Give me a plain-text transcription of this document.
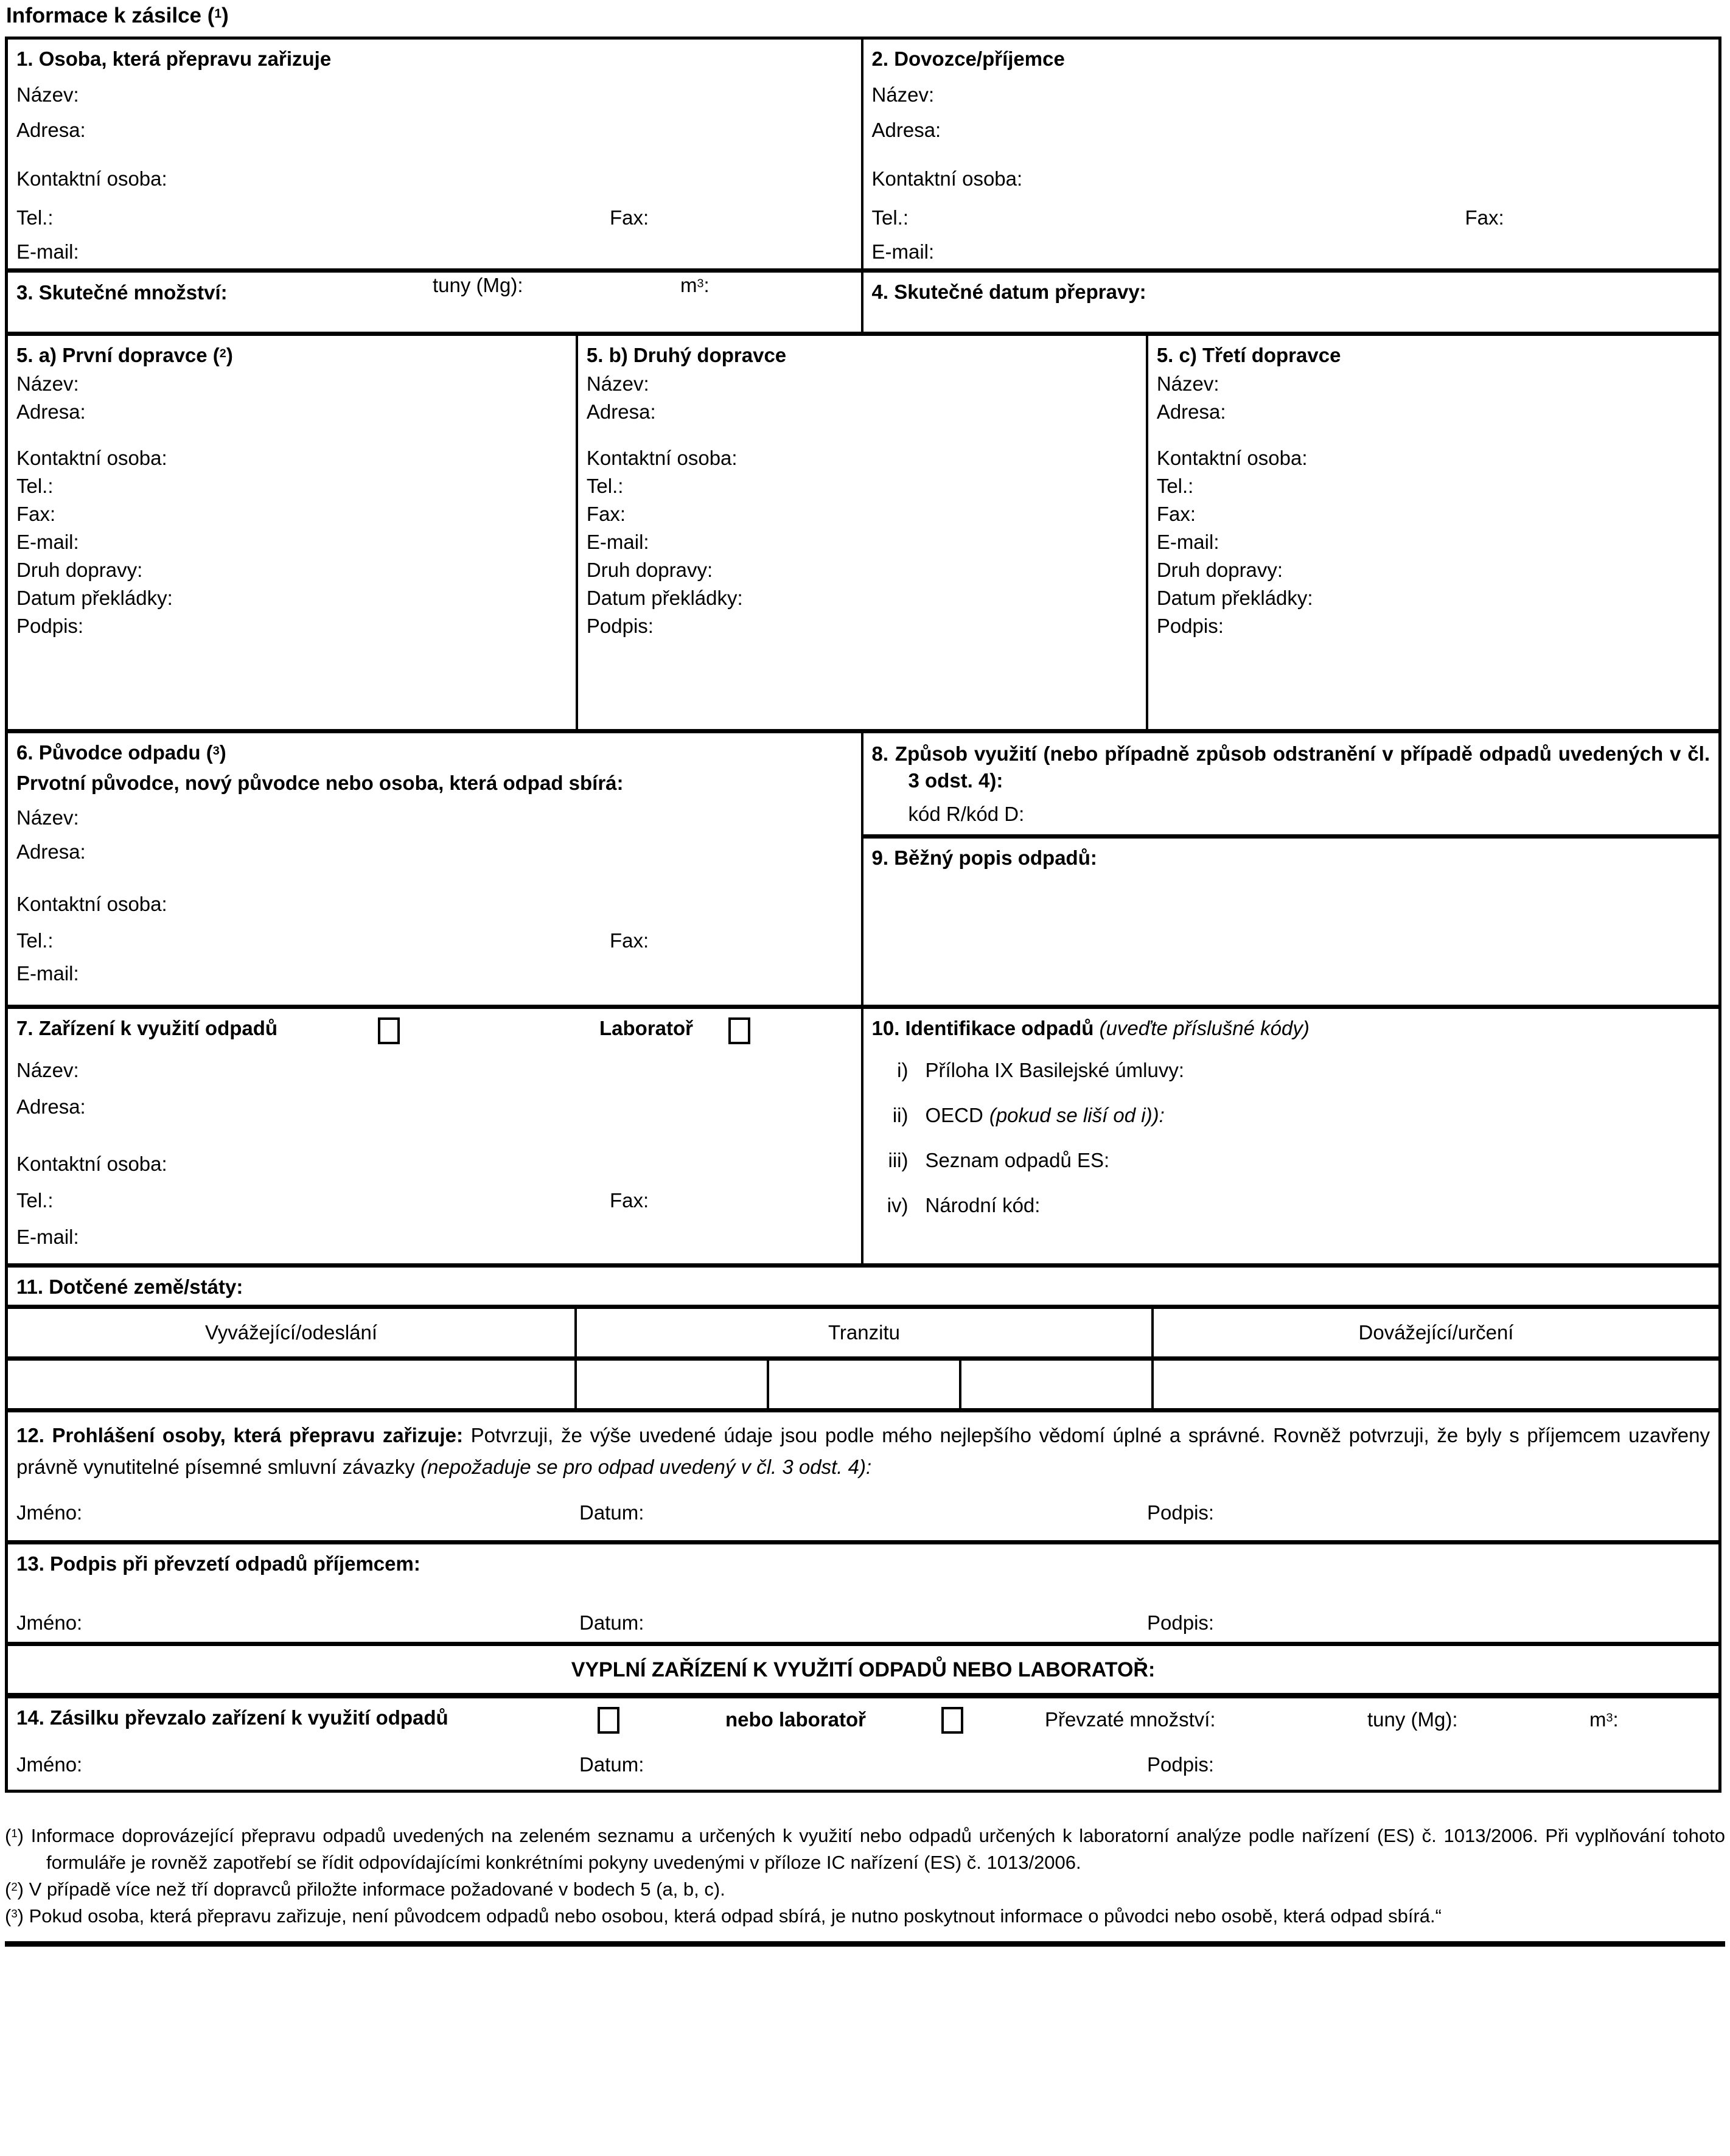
Informace k zásilce ($^1$)
1. Osoba, která přepravu zařizuje
Název:
Adresa:
Kontaktní osoba:
Tel.:	Fax:
E-mail:
2. Dovozce/příjemce
Název:
Adresa:
Kontaktní osoba:
Tel.:	Fax:
E-mail:
3. Skutečné množství:	tuny (Mg):	$m^3$:	4. Skutečné datum přepravy:
5. a) První dopravce ($^2$)
Název:
Adresa:
Kontaktní osoba:
Tel.:
Fax:
E-mail:
Druh dopravy:
Datum překládky:
Podpis:
5. b) Druhý dopravce
Název:
Adresa:
Kontaktní osoba:
Tel.:
Fax:
E-mail:
Druh dopravy:
Datum překládky:
Podpis:
5. c) Třetí dopravce
Název:
Adresa:
Kontaktní osoba:
Tel.:
Fax:
E-mail:
Druh dopravy:
Datum překládky:
Podpis:
6. Původce odpadu ($^3$)
Prvotní původce, nový původce nebo osoba, která odpad sbírá:
Název:
Adresa:
Kontaktní osoba:
Tel.:	Fax:
E-mail:
8. Způsob využití (nebo případně způsob odstranění v případě odpadů uvedených v čl. 3 odst. 4):
kód R/kód D:
9. Běžný popis odpadů:
7. Zařízení k využití odpadů	Laboratoř
Název:
Adresa:
Kontaktní osoba:
Tel.:	Fax:
E-mail:
10. Identifikace odpadů (uveďte příslušné kódy)
i) Příloha IX Basilejské úmluvy:
ii) OECD (pokud se liší od i)):
iii) Seznam odpadů ES:
iv) Národní kód:
11. Dotčené země/státy:
Vyvážející/odeslání	Tranzitu	Dovážející/určení
12. Prohlášení osoby, která přepravu zařizuje: Potvrzuji, že výše uvedené údaje jsou podle mého nejlepšího vědomí úplné a správné. Rovněž potvrzuji, že byly s příjemcem uzavřeny právně vynutitelné písemné smluvní závazky (nepožaduje se pro odpad uvedený v čl. 3 odst. 4):
Jméno:	Datum:	Podpis:
13. Podpis při převzetí odpadů příjemcem:
Jméno:	Datum:	Podpis:
VYPLNÍ ZAŘÍZENÍ K VYUŽITÍ ODPADŮ NEBO LABORATOŘ:
14. Zásilku převzalo zařízení k využití odpadů	nebo laboratoř	Převzaté množství:	tuny (Mg):	$m^3$:
Jméno:	Datum:	Podpis:
($^1$) Informace doprovázející přepravu odpadů uvedených na zeleném seznamu a určených k využití nebo odpadů určených k laboratorní analýze podle nařízení (ES) č. 1013/2006. Při vyplňování tohoto formuláře je rovněž zapotřebí se řídit odpovídajícími konkrétními pokyny uvedenými v příloze IC nařízení (ES) č. 1013/2006.
($^2$) V případě více než tří dopravců přiložte informace požadované v bodech 5 (a, b, c).
($^3$) Pokud osoba, která přepravu zařizuje, není původcem odpadů nebo osobou, která odpad sbírá, je nutno poskytnout informace o původci nebo osobě, která odpad sbírá.“
